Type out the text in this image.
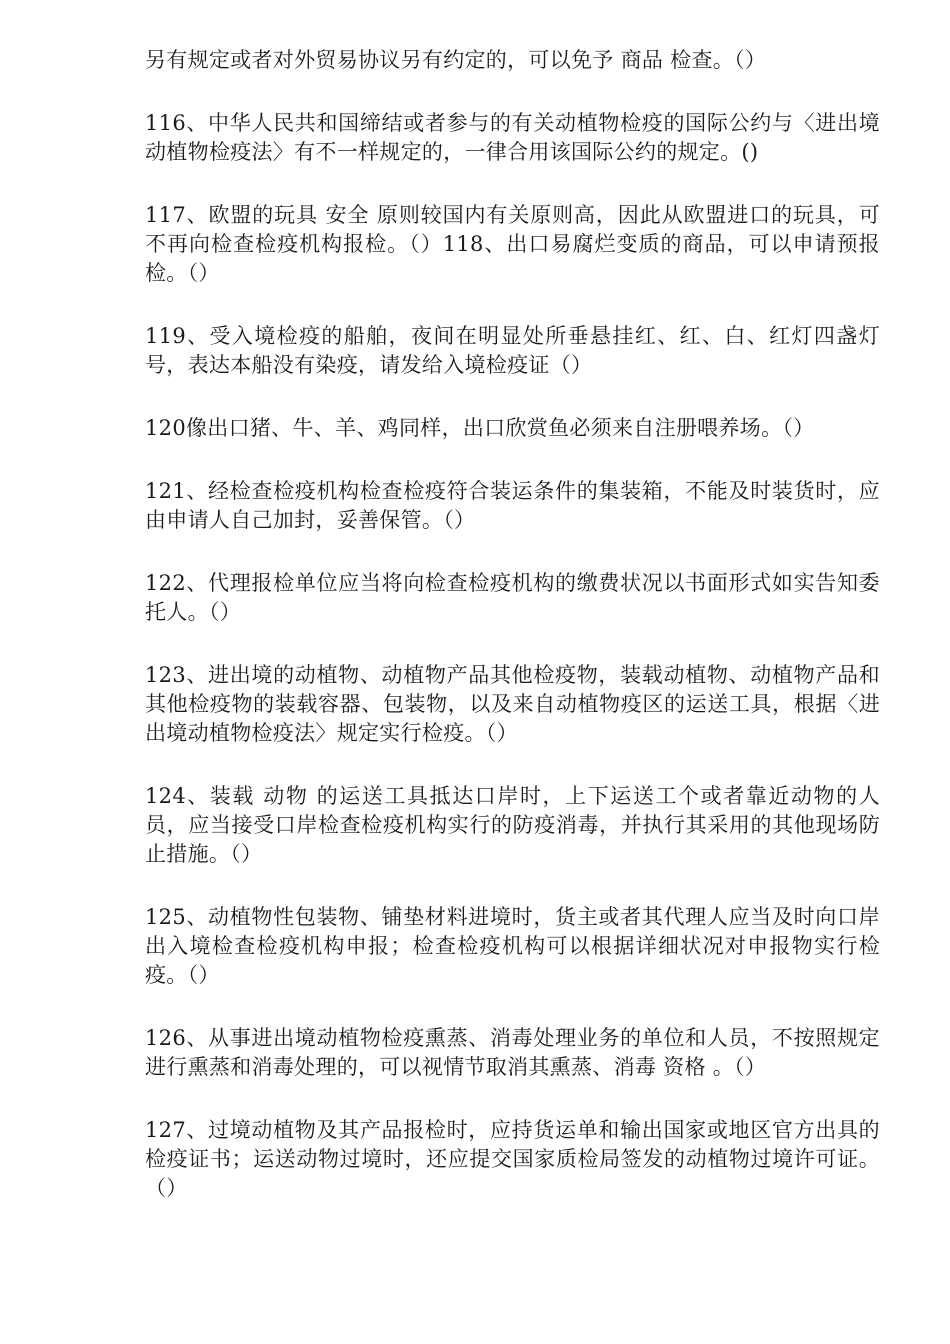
另有规定或者对外贸易协议另有约定的，可以免予 商品 检查。（）

116、中华人民共和国缔结或者参与的有关动植物检疫的国际公约与〈进出境动植物检疫法〉有不一样规定的，一律合用该国际公约的规定。()

117、欧盟的玩具 安全 原则较国内有关原则高，因此从欧盟进口的玩具，可不再向检查检疫机构报检。（）118、出口易腐烂变质的商品，可以申请预报检。（）

119、受入境检疫的船舶，夜间在明显处所垂悬挂红、红、白、红灯四盏灯号，表达本船没有染疫，请发给入境检疫证（）

120像出口猪、牛、羊、鸡同样，出口欣赏鱼必须来自注册喂养场。（）

121、经检查检疫机构检查检疫符合装运条件的集装箱，不能及时装货时，应由申请人自己加封，妥善保管。（）

122、代理报检单位应当将向检查检疫机构的缴费状况以书面形式如实告知委托人。（）

123、进出境的动植物、动植物产品其他检疫物，装载动植物、动植物产品和其他检疫物的装载容器、包装物，以及来自动植物疫区的运送工具，根据〈进出境动植物检疫法〉规定实行检疫。（）

124、装载 动物 的运送工具抵达口岸时，上下运送工个或者靠近动物的人员，应当接受口岸检查检疫机构实行的防疫消毒，并执行其采用的其他现场防止措施。（）

125、动植物性包装物、铺垫材料进境时，货主或者其代理人应当及时向口岸出入境检查检疫机构申报；检查检疫机构可以根据详细状况对申报物实行检疫。（）

126、从事进出境动植物检疫熏蒸、消毒处理业务的单位和人员，不按照规定进行熏蒸和消毒处理的，可以视情节取消其熏蒸、消毒 资格 。（）

127、过境动植物及其产品报检时，应持货运单和输出国家或地区官方出具的检疫证书；运送动物过境时，还应提交国家质检局签发的动植物过境许可证。（）
